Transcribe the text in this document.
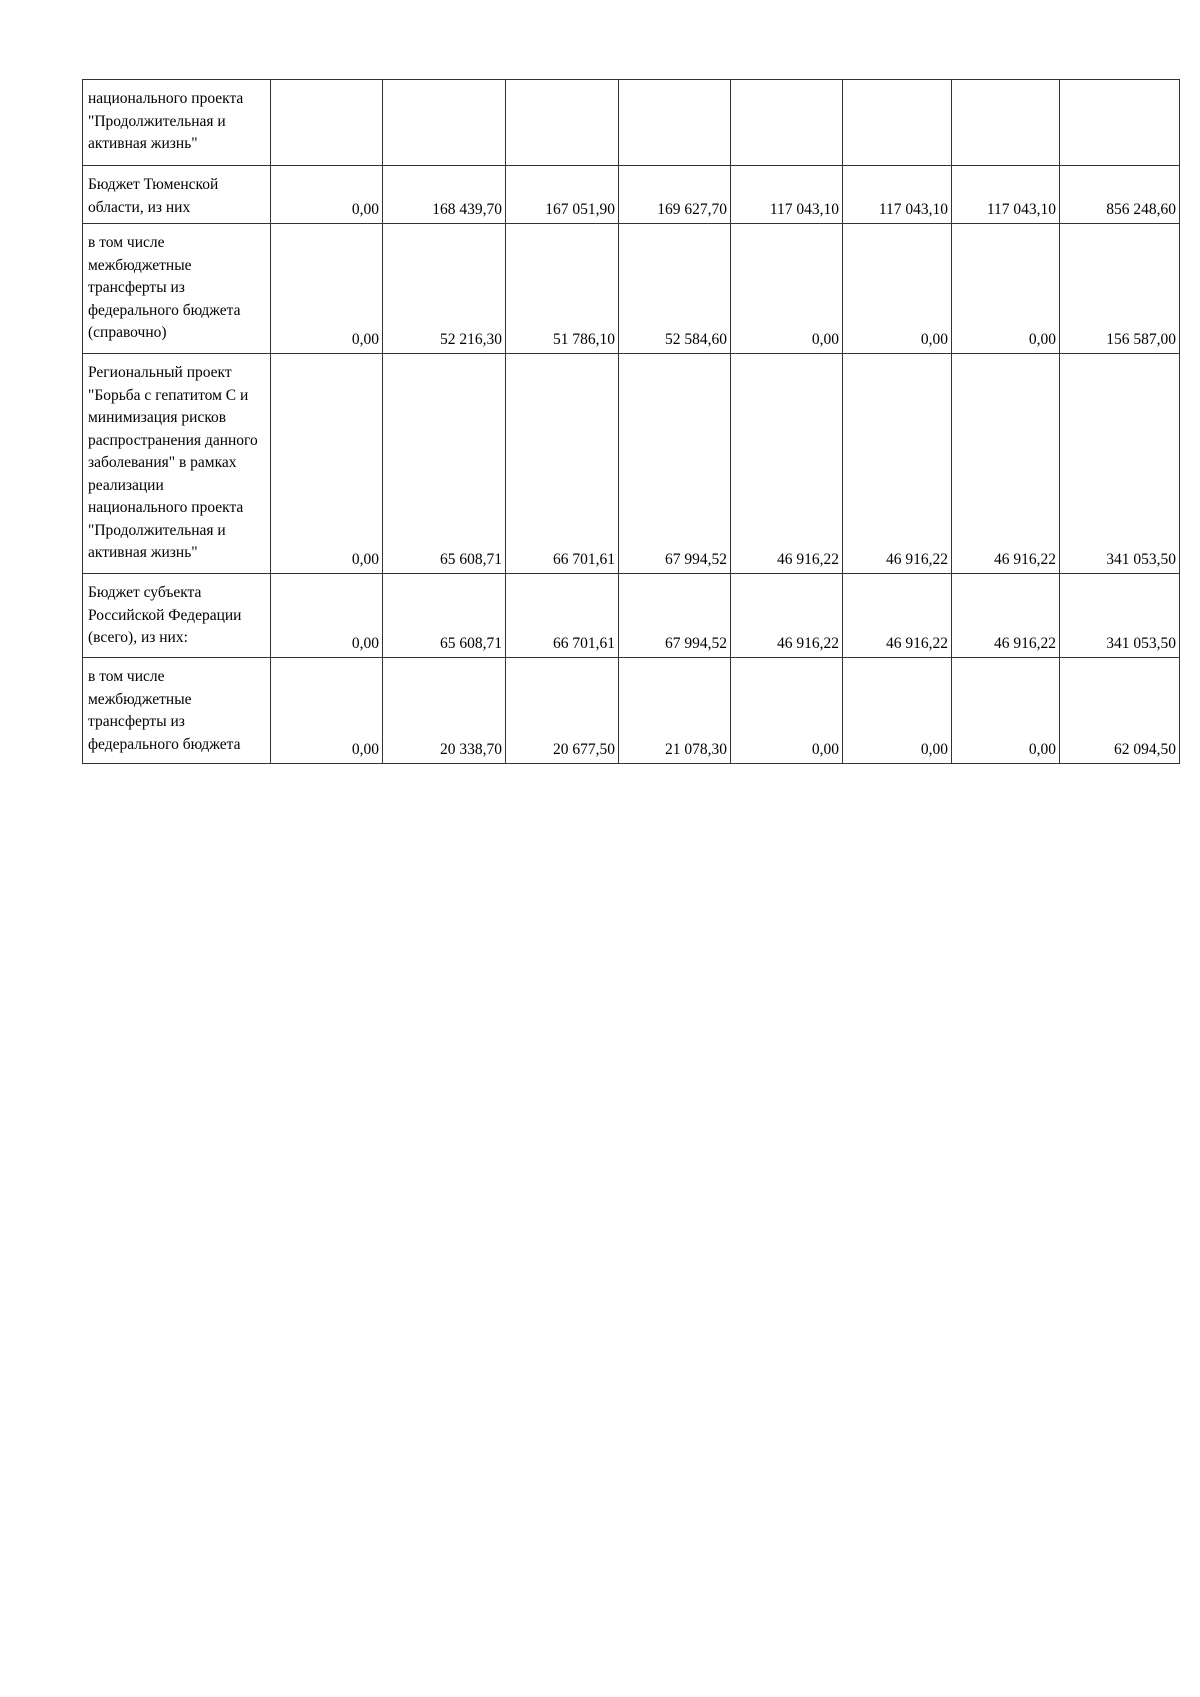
национального проекта "Продолжительная и активная жизнь"								
Бюджет Тюменской области, из них	0,00	168 439,70	167 051,90	169 627,70	117 043,10	117 043,10	117 043,10	856 248,60
в том числе межбюджетные трансферты из федерального бюджета (справочно)	0,00	52 216,30	51 786,10	52 584,60	0,00	0,00	0,00	156 587,00
Региональный проект "Борьба с гепатитом С и минимизация рисков распространения данного заболевания" в рамках реализации национального проекта "Продолжительная и активная жизнь"	0,00	65 608,71	66 701,61	67 994,52	46 916,22	46 916,22	46 916,22	341 053,50
Бюджет субъекта Российской Федерации (всего), из них:	0,00	65 608,71	66 701,61	67 994,52	46 916,22	46 916,22	46 916,22	341 053,50
в том числе межбюджетные трансферты из федерального бюджета	0,00	20 338,70	20 677,50	21 078,30	0,00	0,00	0,00	62 094,50
